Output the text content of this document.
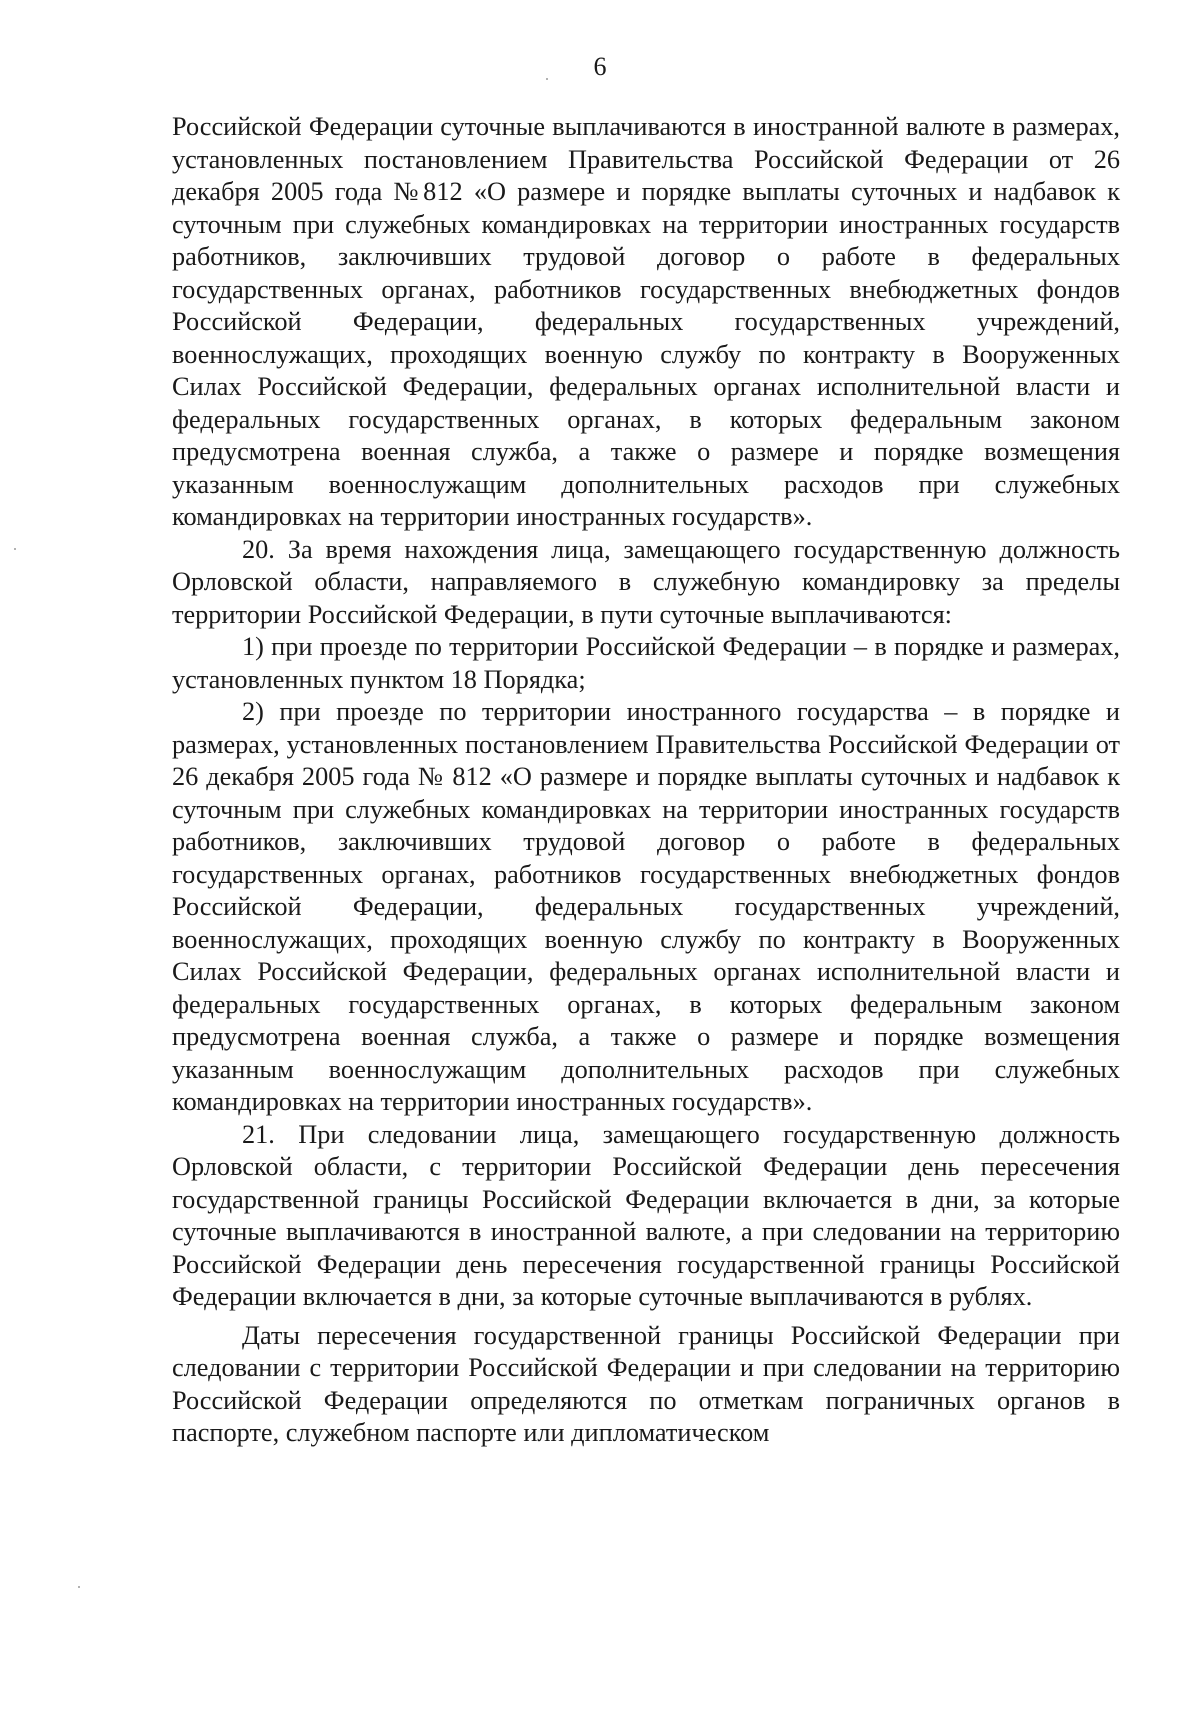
6

Российской Федерации суточные выплачиваются в иностранной валюте в размерах, установленных постановлением Правительства Российской Федерации от 26 декабря 2005 года №812 «О размере и порядке выплаты суточных и надбавок к суточным при служебных командировках на территории иностранных государств работников, заключивших трудовой договор о работе в федеральных государственных органах, работников государственных внебюджетных фондов Российской Федерации, федеральных государственных учреждений, военнослужащих, проходящих военную службу по контракту в Вооруженных Силах Российской Федерации, федеральных органах исполнительной власти и федеральных государственных органах, в которых федеральным законом предусмотрена военная служба, а также о размере и порядке возмещения указанным военнослужащим дополнительных расходов при служебных командировках на территории иностранных государств».

20. За время нахождения лица, замещающего государственную должность Орловской области, направляемого в служебную командировку за пределы территории Российской Федерации, в пути суточные выплачиваются:

1) при проезде по территории Российской Федерации – в порядке и размерах, установленных пунктом 18 Порядка;

2) при проезде по территории иностранного государства – в порядке и размерах, установленных постановлением Правительства Российской Федерации от 26 декабря 2005 года № 812 «О размере и порядке выплаты суточных и надбавок к суточным при служебных командировках на территории иностранных государств работников, заключивших трудовой договор о работе в федеральных государственных органах, работников государственных внебюджетных фондов Российской Федерации, федеральных государственных учреждений, военнослужащих, проходящих военную службу по контракту в Вооруженных Силах Российской Федерации, федеральных органах исполнительной власти и федеральных государственных органах, в которых федеральным законом предусмотрена военная служба, а также о размере и порядке возмещения указанным военнослужащим дополнительных расходов при служебных командировках на территории иностранных государств».

21. При следовании лица, замещающего государственную должность Орловской области, с территории Российской Федерации день пересечения государственной границы Российской Федерации включается в дни, за которые суточные выплачиваются в иностранной валюте, а при следовании на территорию Российской Федерации день пересечения государственной границы Российской Федерации включается в дни, за которые суточные выплачиваются в рублях.

Даты пересечения государственной границы Российской Федерации при следовании с территории Российской Федерации и при следовании на территорию Российской Федерации определяются по отметкам пограничных органов в паспорте, служебном паспорте или дипломатическом
